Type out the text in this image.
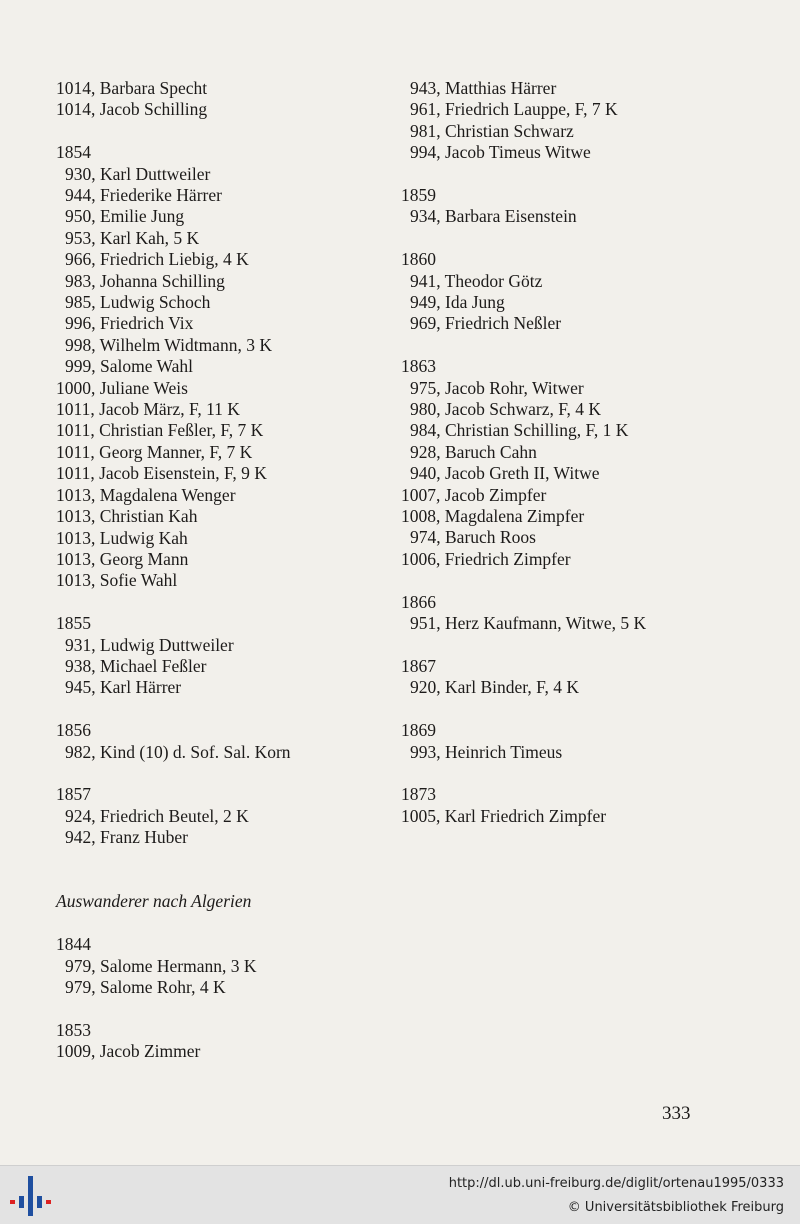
1014, Barbara Specht
1014, Jacob Schilling
1854
930, Karl Duttweiler
944, Friederike Härrer
950, Emilie Jung
953, Karl Kah, 5 K
966, Friedrich Liebig, 4 K
983, Johanna Schilling
985, Ludwig Schoch
996, Friedrich Vix
998, Wilhelm Widtmann, 3 K
999, Salome Wahl
1000, Juliane Weis
1011, Jacob März, F, 11 K
1011, Christian Feßler, F, 7 K
1011, Georg Manner, F, 7 K
1011, Jacob Eisenstein, F, 9 K
1013, Magdalena Wenger
1013, Christian Kah
1013, Ludwig Kah
1013, Georg Mann
1013, Sofie Wahl
1855
931, Ludwig Duttweiler
938, Michael Feßler
945, Karl Härrer
1856
982, Kind (10) d. Sof. Sal. Korn
1857
924, Friedrich Beutel, 2 K
942, Franz Huber
Auswanderer nach Algerien
1844
979, Salome Hermann, 3 K
979, Salome Rohr, 4 K
1853
1009, Jacob Zimmer
943, Matthias Härrer
961, Friedrich Lauppe, F, 7 K
981, Christian Schwarz
994, Jacob Timeus Witwe
1859
934, Barbara Eisenstein
1860
941, Theodor Götz
949, Ida Jung
969, Friedrich Neßler
1863
975, Jacob Rohr, Witwer
980, Jacob Schwarz, F, 4 K
984, Christian Schilling, F, 1 K
928, Baruch Cahn
940, Jacob Greth II, Witwe
1007, Jacob Zimpfer
1008, Magdalena Zimpfer
974, Baruch Roos
1006, Friedrich Zimpfer
1866
951, Herz Kaufmann, Witwe, 5 K
1867
920, Karl Binder, F, 4 K
1869
993, Heinrich Timeus
1873
1005, Karl Friedrich Zimpfer
333
http://dl.ub.uni-freiburg.de/diglit/ortenau1995/0333
© Universitätsbibliothek Freiburg
